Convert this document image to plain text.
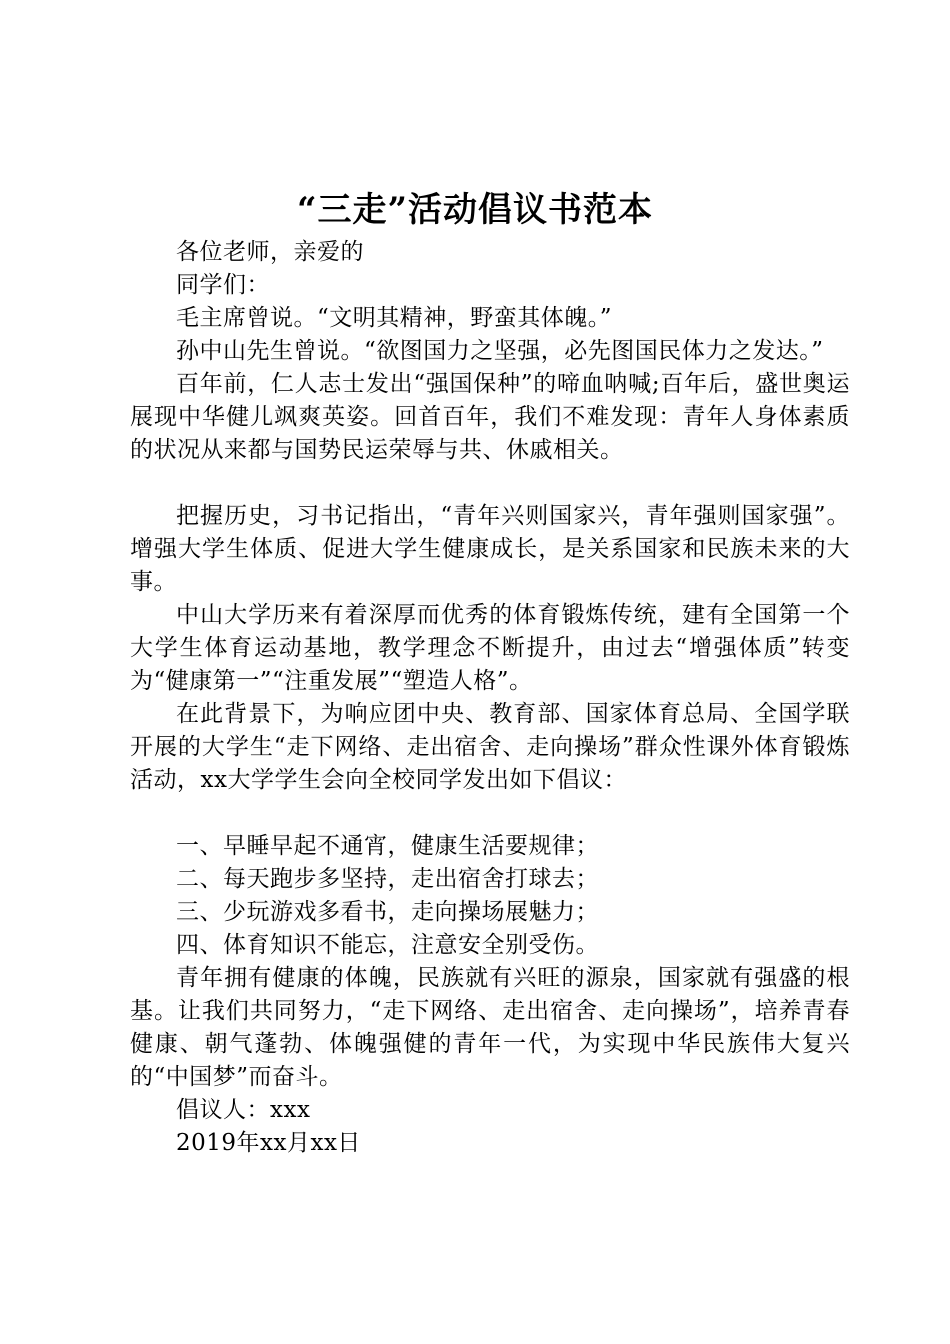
“三走”活动倡议书范本

各位老师，亲爱的

同学们：

毛主席曾说。“文明其精神，野蛮其体魄。”

孙中山先生曾说。“欲图国力之坚强，必先图国民体力之发达。”

百年前，仁人志士发出“强国保种”的啼血呐喊;百年后，盛世奥运展现中华健儿飒爽英姿。回首百年，我们不难发现：青年人身体素质的状况从来都与国势民运荣辱与共、休戚相关。

把握历史，习书记指出，“青年兴则国家兴，青年强则国家强”。增强大学生体质、促进大学生健康成长，是关系国家和民族未来的大事。

中山大学历来有着深厚而优秀的体育锻炼传统，建有全国第一个大学生体育运动基地，教学理念不断提升，由过去“增强体质”转变为“健康第一”“注重发展”“塑造人格”。

在此背景下，为响应团中央、教育部、国家体育总局、全国学联开展的大学生“走下网络、走出宿舍、走向操场”群众性课外体育锻炼活动，xx大学学生会向全校同学发出如下倡议：

一、早睡早起不通宵，健康生活要规律；

二、每天跑步多坚持，走出宿舍打球去；

三、少玩游戏多看书，走向操场展魅力；

四、体育知识不能忘，注意安全别受伤。

青年拥有健康的体魄，民族就有兴旺的源泉，国家就有强盛的根基。让我们共同努力，“走下网络、走出宿舍、走向操场”，培养青春健康、朝气蓬勃、体魄强健的青年一代，为实现中华民族伟大复兴的“中国梦”而奋斗。

倡议人：xxx

2019年xx月xx日
